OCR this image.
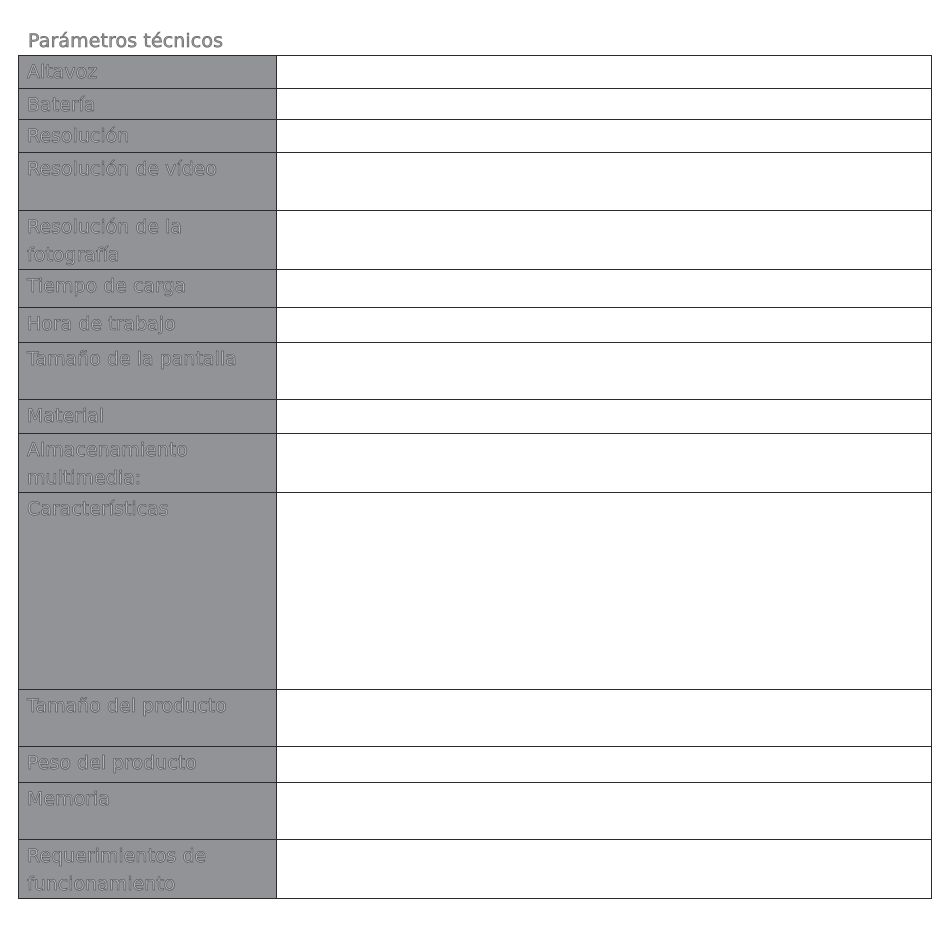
Parámetros técnicos
Altavoz	
Batería	
Resolución	
Resolución de vídeo	
Resolución de la fotografía	
Tiempo de carga	
Hora de trabajo	
Tamaño de la pantalla	
Material	
Almacenamiento multimedia:	
Características	
Tamaño del producto	
Peso del producto	
Memoria	
Requerimientos de funcionamiento	
